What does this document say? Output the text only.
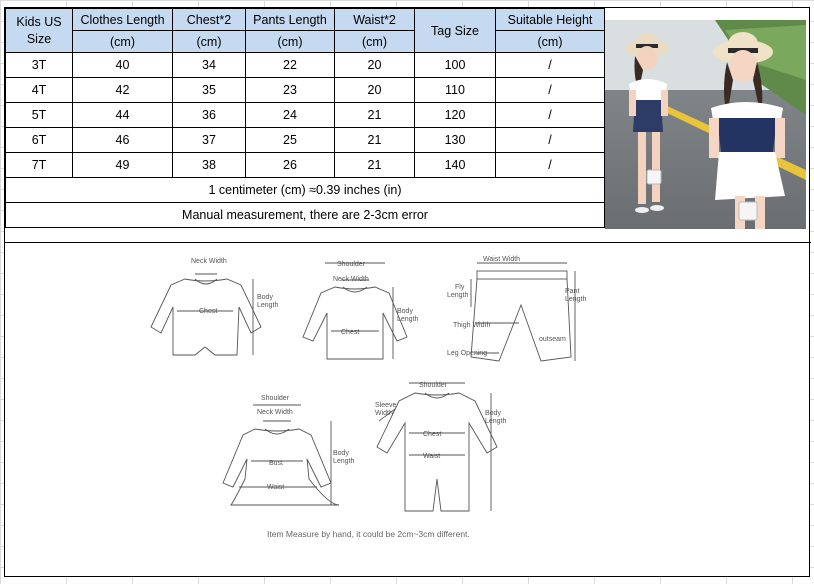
Kids US Size	Clothes Length	Chest*2	Pants Length	Waist*2	Tag Size	Suitable Height
	(cm)	(cm)	(cm)	(cm)		(cm)
3T	40	34	22	20	100	/
4T	42	35	23	20	110	/
5T	44	36	24	21	120	/
6T	46	37	25	21	130	/
7T	49	38	26	21	140	/
1 centimeter (cm) ≈0.39 inches (in)						
Manual measurement, there are 2-3cm error						
Neck Width
Chest
Body
Length
Shoulder
Neck Width
Chest
Body
Length
Waist Width
Fly
Length
Pant
Length
Thigh Width
outseam
Leg Opening
Shoulder
Neck Width
Bust
Waist
Body
Length
Shoulder
Sleeve
Width
Chest
Waist
Body
Length
Item Measure by hand, it could be 2cm~3cm different.
